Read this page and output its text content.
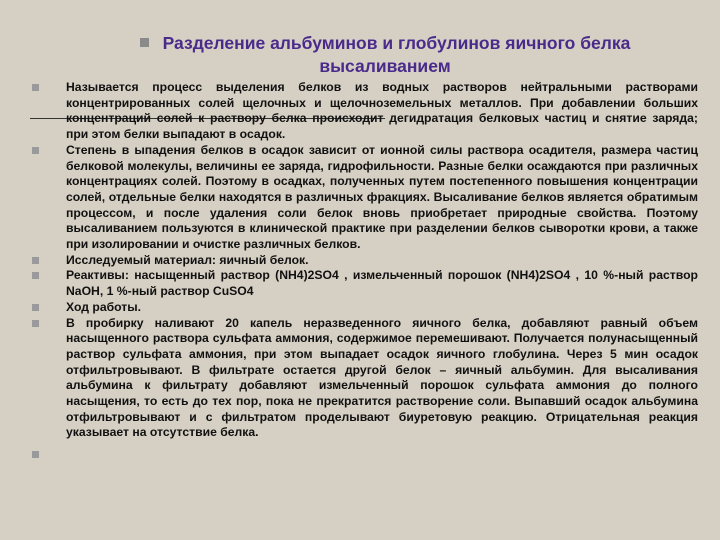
Разделение альбуминов и глобулинов яичного белка
высаливанием
Называется процесс выделения белков из водных растворов нейтральными растворами концентрированных солей щелочных и щелочноземельных металлов. При добавлении больших концентраций солей к раствору белка происходит дегидратация белковых частиц и снятие заряда; при этом белки выпадают в осадок.
Степень в ыпадения белков в осадок зависит от ионной силы раствора осадителя, размера частиц белковой молекулы, величины ее заряда, гидрофильности. Разные белки осаждаются при различных концентрациях солей. Поэтому в осадках, полученных путем постепенного повышения концентрации солей, отдельные белки находятся в различных фракциях. Высаливание белков является обратимым процессом, и после удаления соли белок вновь приобретает природные свойства. Поэтому высаливанием пользуются в клинической практике при разделении белков сыворотки крови, а также при изолировании и очистке различных белков.
Исследуемый материал: яичный белок.
Реактивы: насыщенный раствор (NH4)2SO4 , измельченный порошок (NH4)2SO4 , 10 %-ный раствор NaOH, 1 %-ный раствор CuSO4
Ход работы.
В пробирку наливают 20 капель неразведенного яичного белка, добавляют равный объем насыщенного раствора сульфата аммония, содержимое перемешивают. Получается полунасыщенный раствор сульфата аммония, при этом выпадает осадок яичного глобулина. Через 5 мин осадок отфильтровывают. В фильтрате остается другой белок – яичный альбумин. Для высаливания альбумина к фильтрату добавляют измельченный порошок сульфата аммония до полного насыщения, то есть до тех пор, пока не прекратится растворение соли. Выпавший осадок альбумина отфильтровывают и с фильтратом проделывают биуретовую реакцию. Отрицательная реакция указывает на отсутствие белка.
